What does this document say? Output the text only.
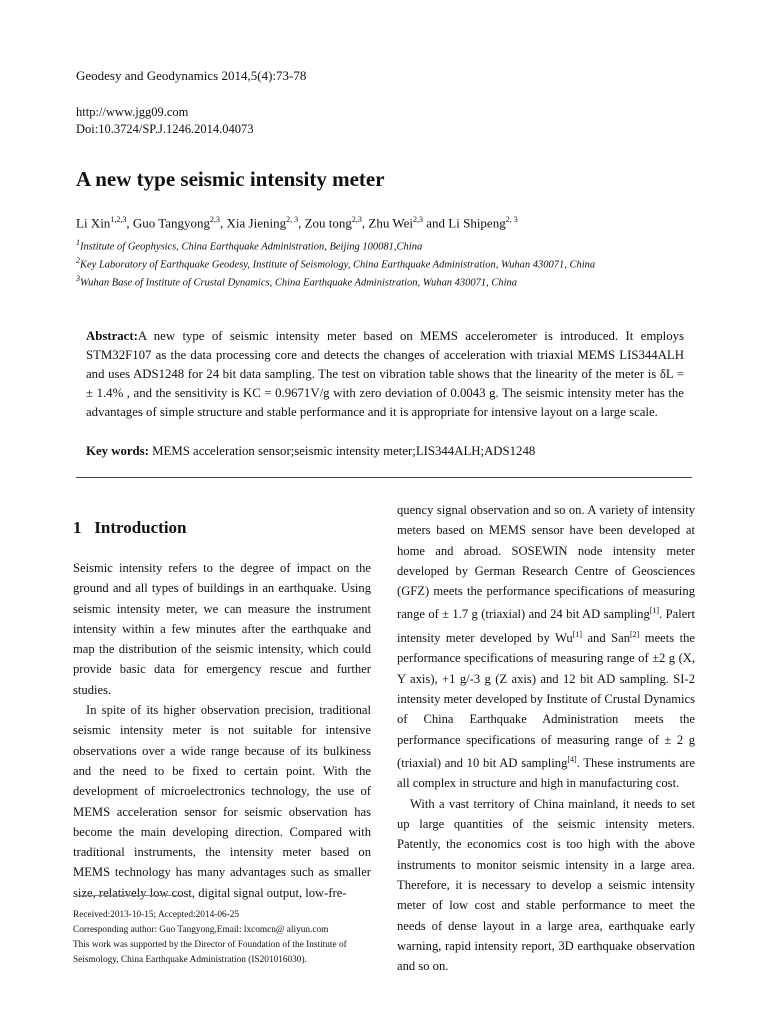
Geodesy and Geodynamics 2014,5(4):73-78
http://www.jgg09.com
Doi:10.3724/SP.J.1246.2014.04073
A new type seismic intensity meter
Li Xin$^{1,2,3}$, Guo Tangyong$^{2,3}$, Xia Jiening$^{2, 3}$, Zou tong$^{2,3}$, Zhu Wei$^{2,3}$ and Li Shipeng$^{2, 3}$
$^1$Institute of Geophysics, China Earthquake Administration, Beijing 100081,China
$^2$Key Laboratory of Earthquake Geodesy, Institute of Seismology, China Earthquake Administration, Wuhan 430071, China
$^3$Wuhan Base of Institute of Crustal Dynamics, China Earthquake Administration, Wuhan 430071, China
Abstract:A new type of seismic intensity meter based on MEMS accelerometer is introduced. It employs STM32F107 as the data processing core and detects the changes of acceleration with triaxial MEMS LIS344ALH and uses ADS1248 for 24 bit data sampling. The test on vibration table shows that the linearity of the meter is δL = ± 1.4% , and the sensitivity is KC = 0.9671V/g with zero deviation of 0.0043 g. The seismic intensity meter has the advantages of simple structure and stable performance and it is appropriate for intensive layout on a large scale.
Key words: MEMS acceleration sensor;seismic intensity meter;LIS344ALH;ADS1248
1 Introduction

Seismic intensity refers to the degree of impact on the ground and all types of buildings in an earthquake. Using seismic intensity meter, we can measure the instrument intensity within a few minutes after the earthquake and map the distribution of the seismic intensity, which could provide basic data for emergency rescue and further studies.

In spite of its higher observation precision, traditional seismic intensity meter is not suitable for intensive observations over a wide range because of its bulkiness and the need to be fixed to certain point. With the development of microelectronics technology, the use of MEMS acceleration sensor for seismic observation has become the main developing direction. Compared with traditional instruments, the intensity meter based on MEMS technology has many advantages such as smaller size, relatively low cost, digital signal output, low-fre-

quency signal observation and so on. A variety of intensity meters based on MEMS sensor have been developed at home and abroad. SOSEWIN node intensity meter developed by German Research Centre of Geosciences (GFZ) meets the performance specifications of measuring range of ± 1.7 g (triaxial) and 24 bit AD sampling[1]. Palert intensity meter developed by Wu[1] and San[2] meets the performance specifications of measuring range of ±2 g (X, Y axis), +1 g/-3 g (Z axis) and 12 bit AD sampling. SI-2 intensity meter developed by Institute of Crustal Dynamics of China Earthquake Administration meets the performance specifications of measuring range of ± 2 g (triaxial) and 10 bit AD sampling[4]. These instruments are all complex in structure and high in manufacturing cost.

With a vast territory of China mainland, it needs to set up large quantities of the seismic intensity meters. Patently, the economics cost is too high with the above instruments to monitor seismic intensity in a large area. Therefore, it is necessary to develop a seismic intensity meter of low cost and stable performance to meet the needs of dense layout in a large area, earthquake early warning, rapid intensity report, 3D earthquake observation and so on.

Received:2013-10-15; Accepted:2014-06-25
Corresponding author: Guo Tangyong,Email: lxcomcn@ aliyun.com
This work was supported by the Director of Foundation of the Institute of Seismology, China Earthquake Administration (IS201016030).
